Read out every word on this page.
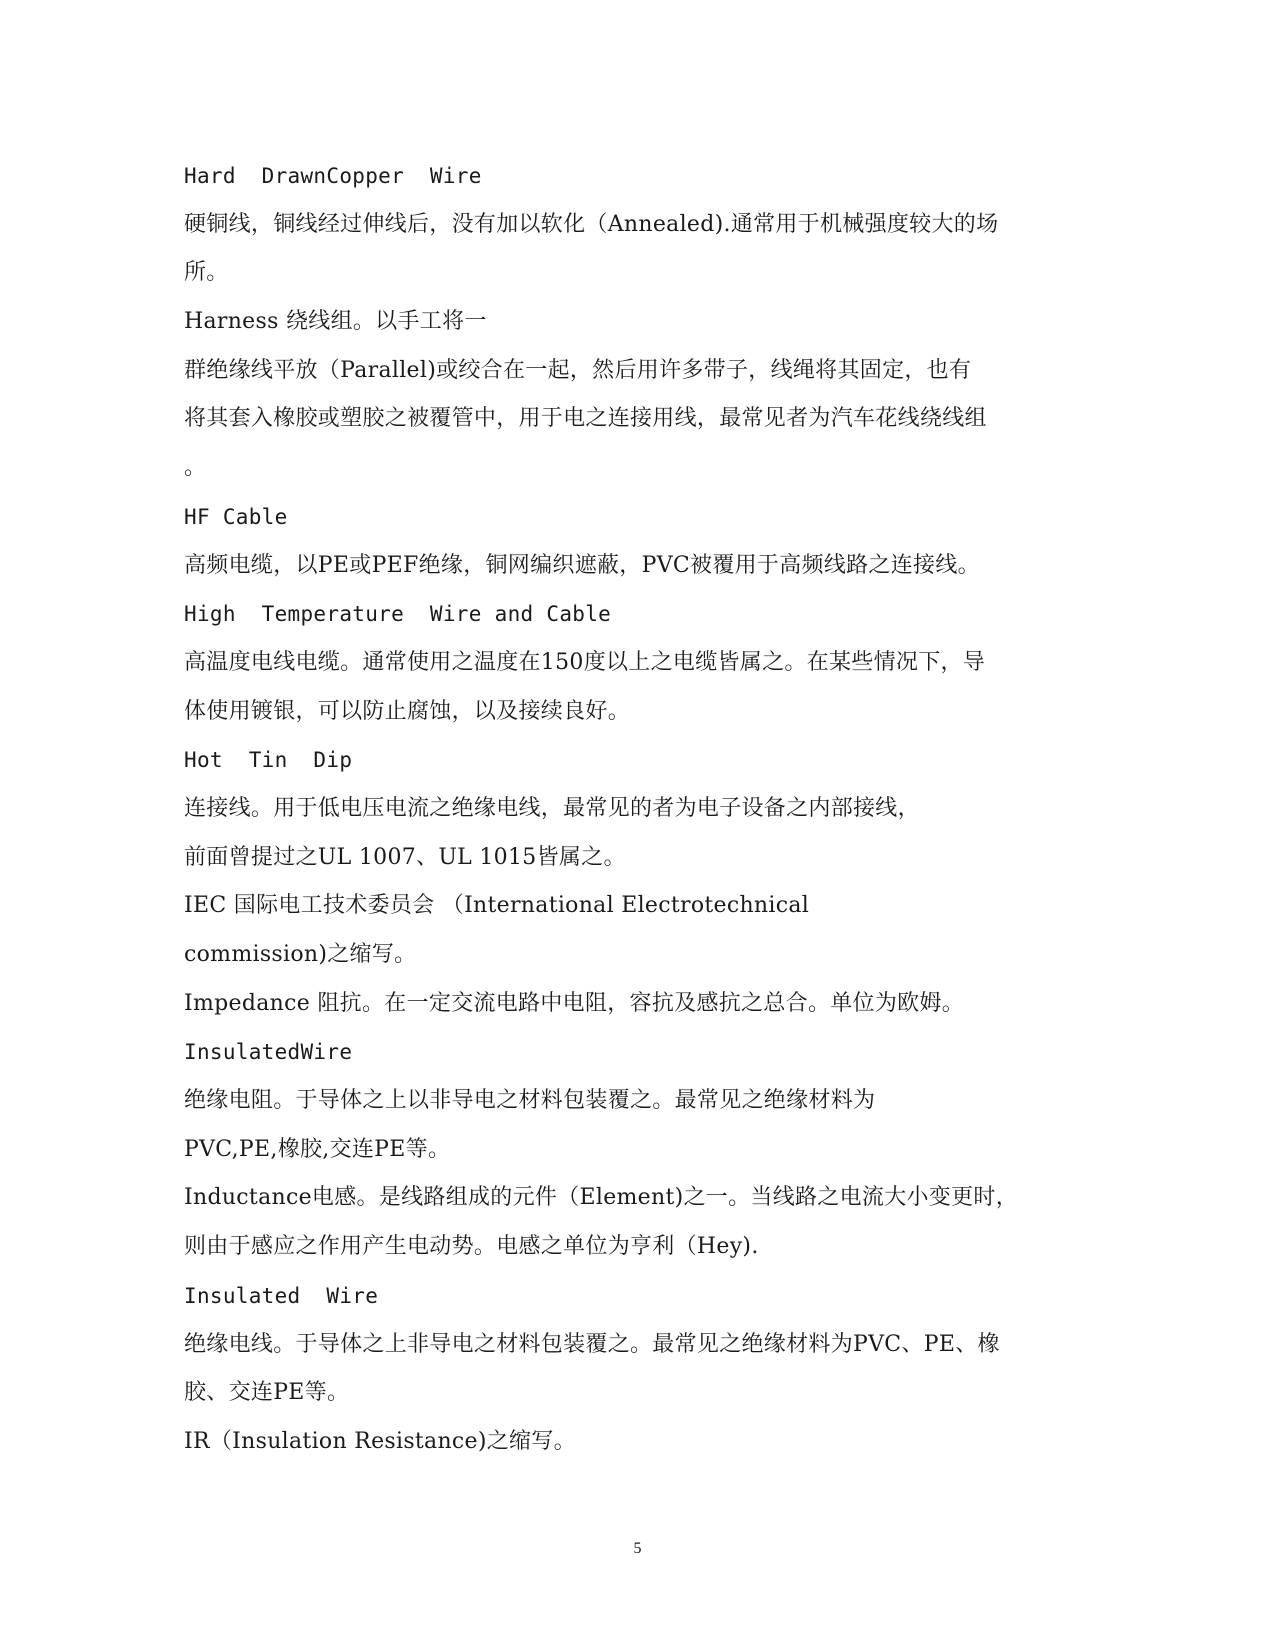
Hard  DrawnCopper  Wire
硬铜线，铜线经过伸线后，没有加以软化（Annealed).通常用于机械强度较大的场
所。
Harness 绕线组。以手工将一
群绝缘线平放（Parallel)或绞合在一起，然后用许多带子，线绳将其固定，也有
将其套入橡胶或塑胶之被覆管中，用于电之连接用线，最常见者为汽车花线绕线组
。
HF Cable
高频电缆，以PE或PEF绝缘，铜网编织遮蔽，PVC被覆用于高频线路之连接线。
High  Temperature  Wire and Cable
高温度电线电缆。通常使用之温度在150度以上之电缆皆属之。在某些情况下，导
体使用镀银，可以防止腐蚀，以及接续良好。
Hot  Tin  Dip
连接线。用于低电压电流之绝缘电线，最常见的者为电子设备之内部接线，
前面曾提过之UL 1007、UL 1015皆属之。
IEC 国际电工技术委员会 （International Electrotechnical
commission)之缩写。
Impedance 阻抗。在一定交流电路中电阻，容抗及感抗之总合。单位为欧姆。
InsulatedWire
绝缘电阻。于导体之上以非导电之材料包装覆之。最常见之绝缘材料为
PVC,PE,橡胶,交连PE等。
Inductance电感。是线路组成的元件（Element)之一。当线路之电流大小变更时，
则由于感应之作用产生电动势。电感之单位为亨利（Hey).
Insulated  Wire
绝缘电线。于导体之上非导电之材料包装覆之。最常见之绝缘材料为PVC、PE、橡
胶、交连PE等。
IR（Insulation Resistance)之缩写。
5
